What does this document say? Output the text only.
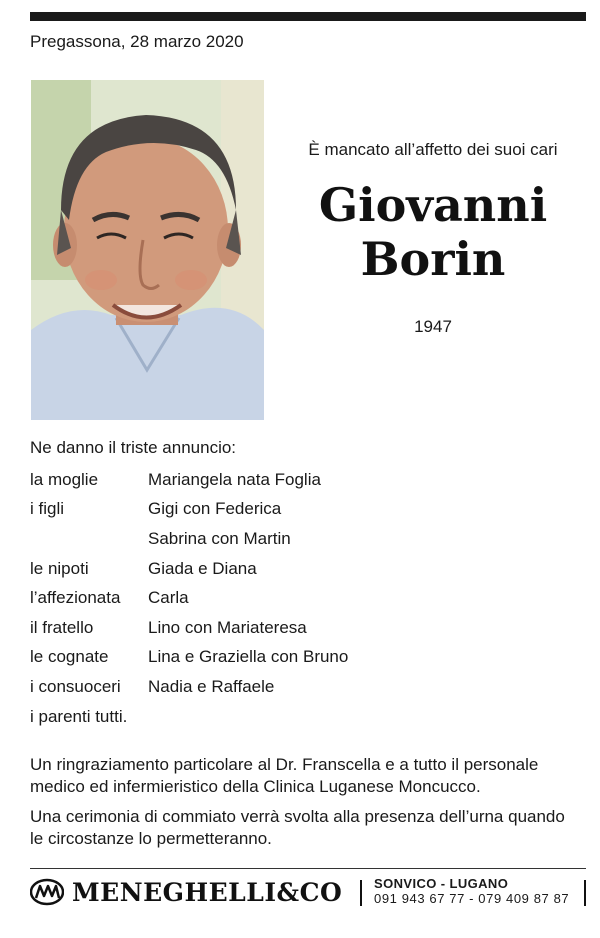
Pregassona, 28 marzo 2020
È mancato all’affetto dei suoi cari
Giovanni
Borin
1947
Ne danno il triste annuncio:
la moglie	Mariangela nata Foglia
i figli	Gigi con Federica
Sabrina con Martin
le nipoti	Giada e Diana
l’affezionata	Carla
il fratello	Lino con Mariateresa
le cognate	Lina e Graziella con Bruno
i consuoceri	Nadia e Raffaele
i parenti tutti.
Un ringraziamento particolare al Dr. Franscella e a tutto il personale medico ed infermieristico della Clinica Luganese Moncucco.
Una cerimonia di commiato verrà svolta alla presenza dell’urna quando le circostanze lo permetteranno.
MENEGHELLI&CO SONVICO - LUGANO
091 943 67 77 - 079 409 87 87
